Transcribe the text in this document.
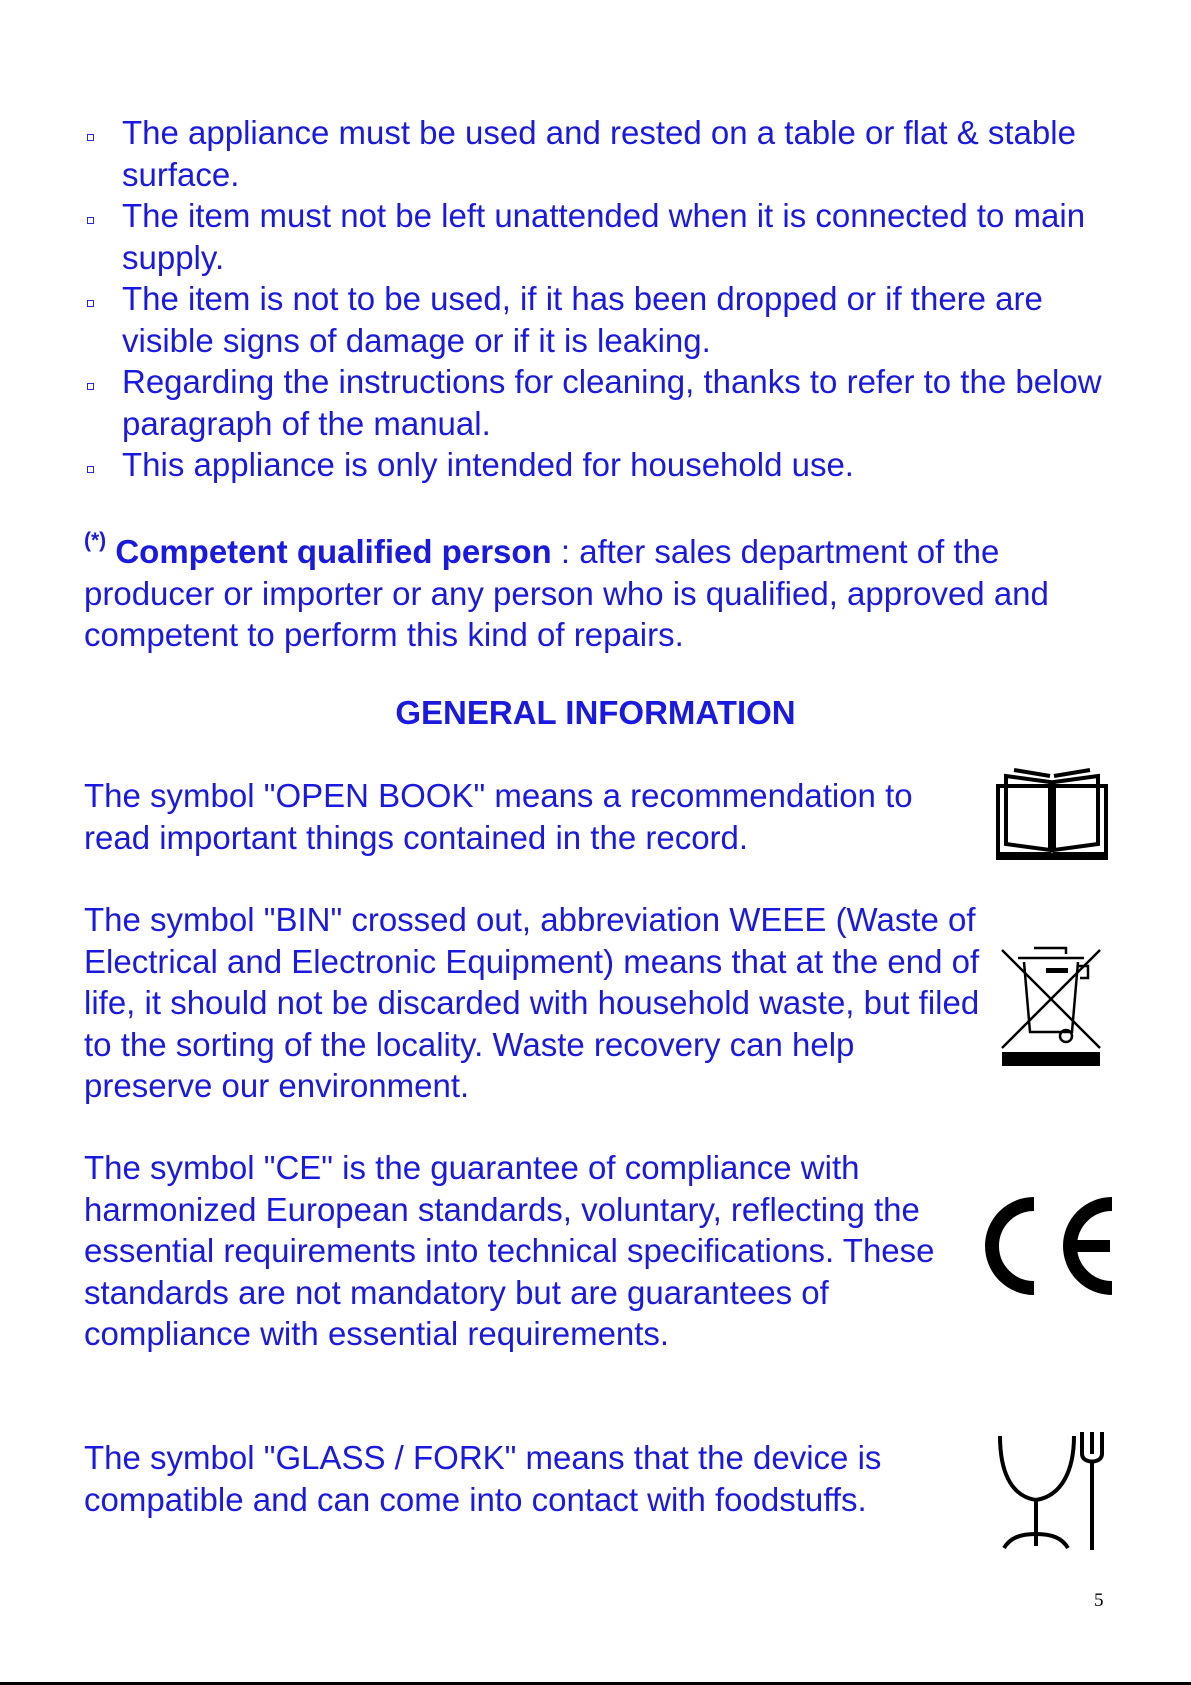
The appliance must be used and rested on a table or flat & stable surface.
The item must not be left unattended when it is connected to main supply.
The item is not to be used, if it has been dropped or if there are visible signs of damage or if it is leaking.
Regarding the instructions for cleaning, thanks to refer to the below paragraph of the manual.
This appliance is only intended for household use.

(*) Competent qualified person : after sales department of the producer or importer or any person who is qualified, approved and competent to perform this kind of repairs.

GENERAL INFORMATION

The symbol "OPEN BOOK" means a recommendation to read important things contained in the record.

The symbol "BIN" crossed out, abbreviation WEEE (Waste of Electrical and Electronic Equipment) means that at the end of life, it should not be discarded with household waste, but filed to the sorting of the locality. Waste recovery can help preserve our environment.

The symbol "CE" is the guarantee of compliance with harmonized European standards, voluntary, reflecting the essential requirements into technical specifications. These standards are not mandatory but are guarantees of compliance with essential requirements.

The symbol "GLASS / FORK" means that the device is compatible and can come into contact with foodstuffs.

5
